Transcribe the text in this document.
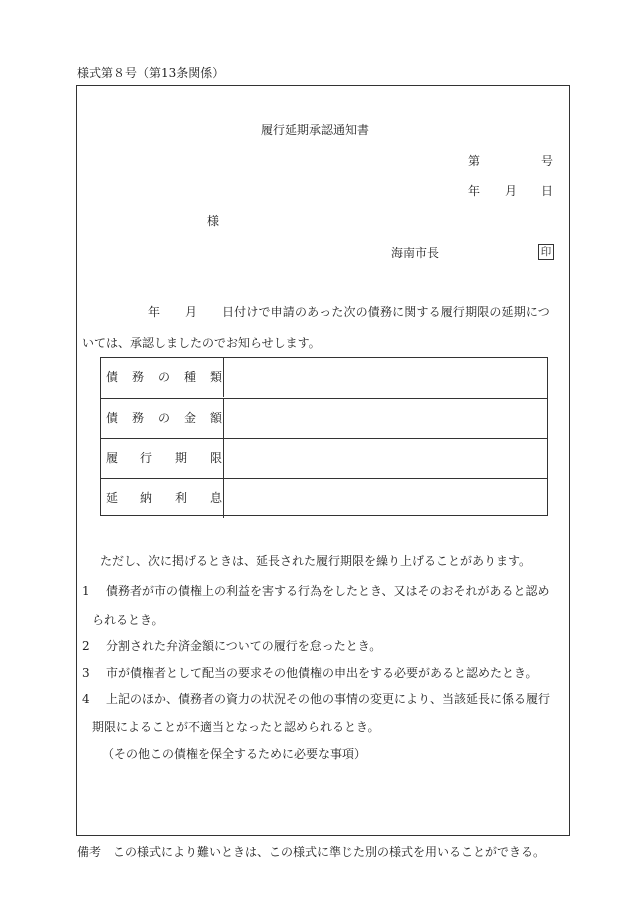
様式第８号（第13条関係）
履行延期承認通知書
第	号
年 月 日
様
海南市長	印
年 月 日付けで申請のあった次の債務に関する履行期限の延期につ
いては、承認しましたのでお知らせします。
債 務 の 種 類
債 務 の 金 額
履 行 期 限
延 納 利 息
ただし、次に掲げるときは、延長された履行期限を繰り上げることがあります。
1 債務者が市の債権上の利益を害する行為をしたとき、又はそのおそれがあると認め
られるとき。
2 分割された弁済金額についての履行を怠ったとき。
3 市が債権者として配当の要求その他債権の申出をする必要があると認めたとき。
4 上記のほか、債務者の資力の状況その他の事情の変更により、当該延長に係る履行
期限によることが不適当となったと認められるとき。
（その他この債権を保全するために必要な事項）
備考　この様式により難いときは、この様式に準じた別の様式を用いることができる。
